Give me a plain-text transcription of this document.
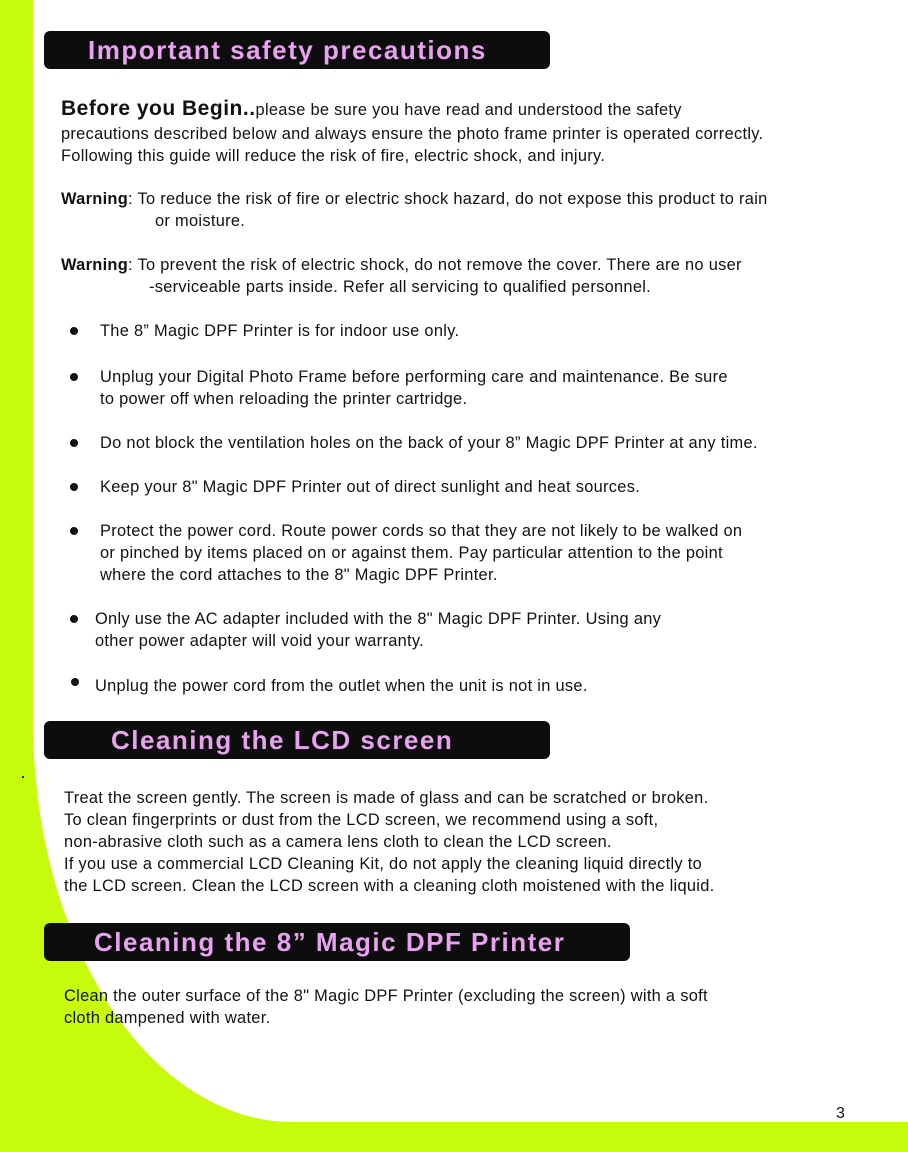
Important safety precautions

Before you Begin..please be sure you have read and understood the safety

precautions described below and always ensure the photo frame printer is operated correctly.

Following this guide will reduce the risk of fire, electric shock, and injury.

Warning: To reduce the risk of fire or electric shock hazard, do not expose this product to rain

or moisture.

Warning: To prevent the risk of electric shock, do not remove the cover. There are no user

-serviceable parts inside. Refer all servicing to qualified personnel.

The 8” Magic DPF Printer is for indoor use only.

Unplug your Digital Photo Frame before performing care and maintenance. Be sure

to power off when reloading the printer cartridge.

Do not block the ventilation holes on the back of your 8” Magic DPF Printer at any time.

Keep your 8" Magic DPF Printer out of direct sunlight and heat sources.

Protect the power cord. Route power cords so that they are not likely to be walked on

or pinched by items placed on or against them. Pay particular attention to the point

where the cord attaches to the 8" Magic DPF Printer.

Only use the AC adapter included with the 8" Magic DPF Printer. Using any

other power adapter will void your warranty.

Unplug the power cord from the outlet when the unit is not in use.

Cleaning the LCD screen

Treat the screen gently. The screen is made of glass and can be scratched or broken.

To clean fingerprints or dust from the LCD screen, we recommend using a soft,

non-abrasive cloth such as a camera lens cloth to clean the LCD screen.

If you use a commercial LCD Cleaning Kit, do not apply the cleaning liquid directly to

the LCD screen. Clean the LCD screen with a cleaning cloth moistened with the liquid.

Cleaning the 8” Magic DPF Printer

Clean the outer surface of the 8" Magic DPF Printer (excluding the screen) with a soft

cloth dampened with water.

3
